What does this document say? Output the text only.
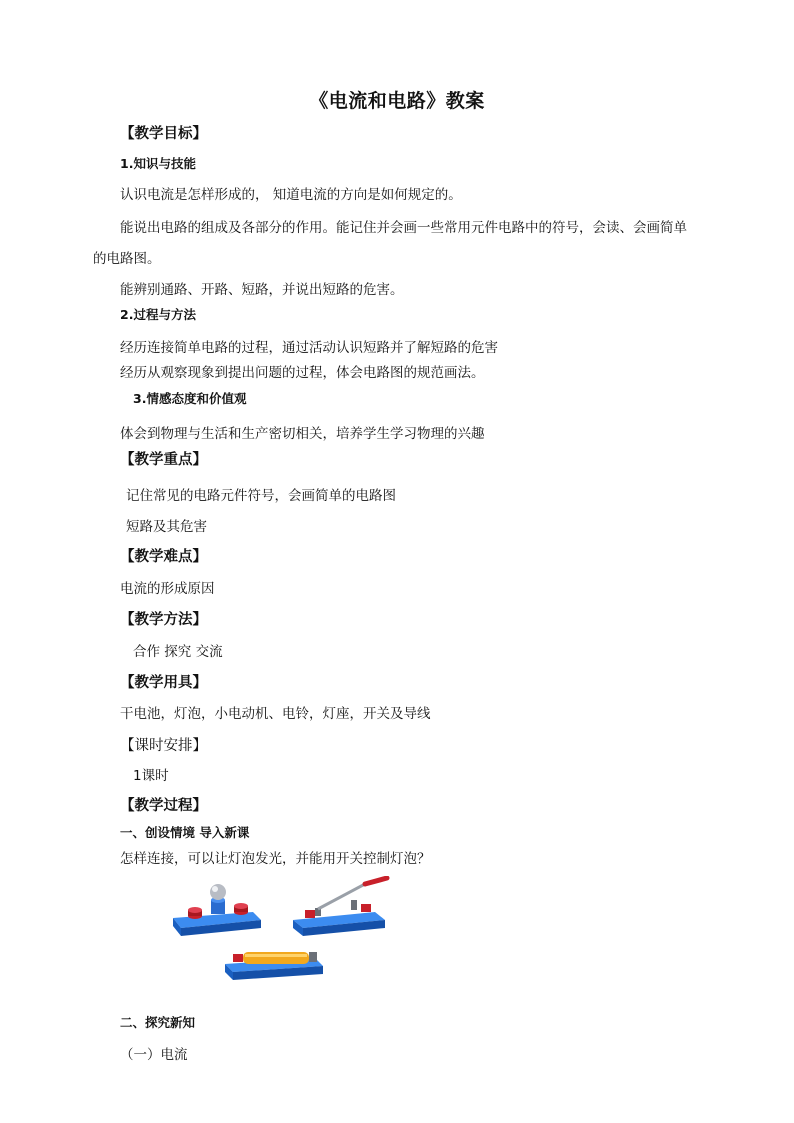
《电流和电路》教案
【教学目标】
1.知识与技能
认识电流是怎样形成的， 知道电流的方向是如何规定的。
能说出电路的组成及各部分的作用。能记住并会画一些常用元件电路中的符号，会读、会画简单
的电路图。
能辨别通路、开路、短路，并说出短路的危害。
2.过程与方法
经历连接简单电路的过程，通过活动认识短路并了解短路的危害
经历从观察现象到提出问题的过程，体会电路图的规范画法。
3.情感态度和价值观
体会到物理与生活和生产密切相关，培养学生学习物理的兴趣
【教学重点】
记住常见的电路元件符号，会画简单的电路图
短路及其危害
【教学难点】
电流的形成原因
【教学方法】
合作 探究 交流
【教学用具】
干电池，灯泡，小电动机、电铃，灯座，开关及导线
【课时安排】
1课时
【教学过程】
一、创设情境 导入新课
怎样连接，可以让灯泡发光，并能用开关控制灯泡？
二、探究新知
（一）电流
